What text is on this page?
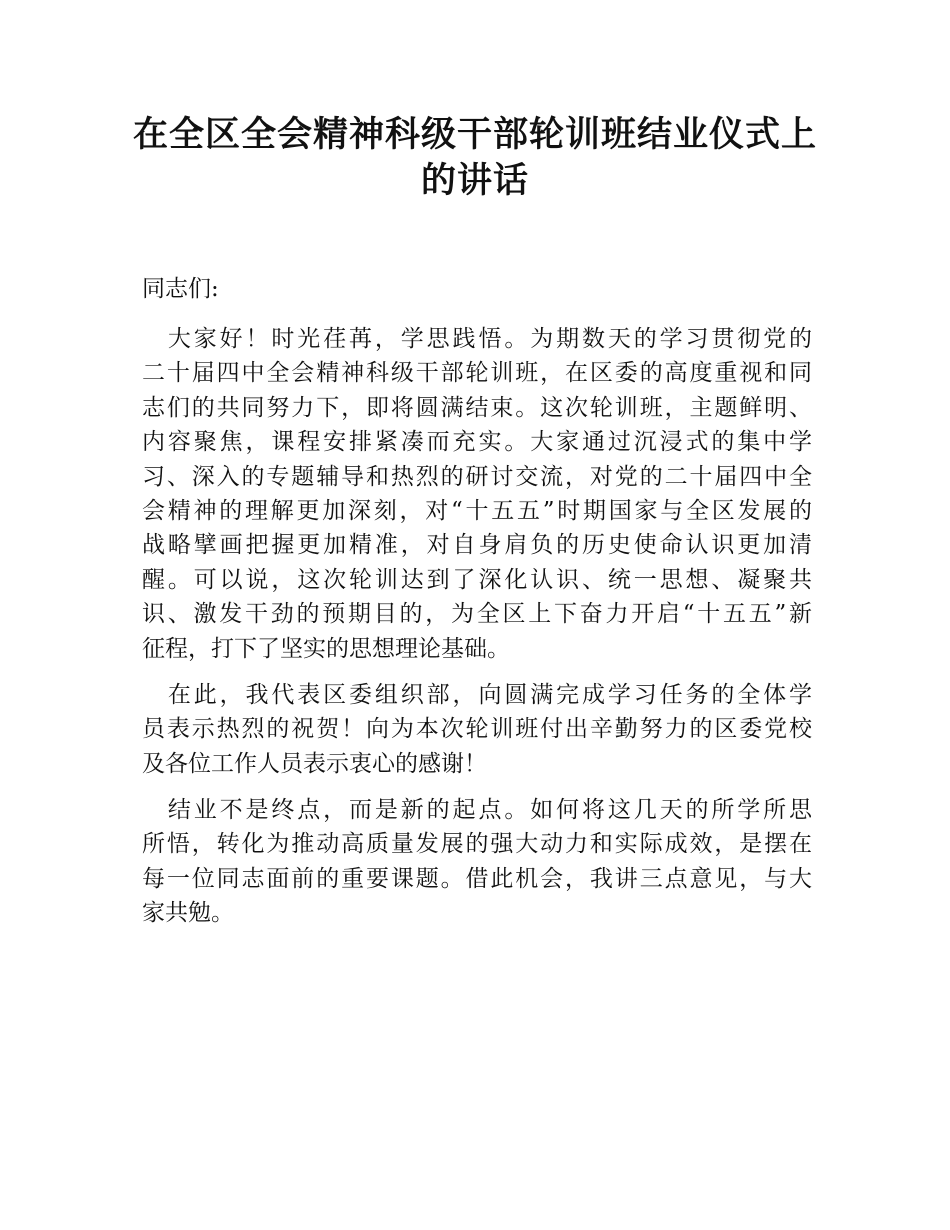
在全区全会精神科级干部轮训班结业仪式上
的讲话
同志们:
　大家好！时光荏苒，学思践悟。为期数天的学习贯彻党的
二十届四中全会精神科级干部轮训班，在区委的高度重视和同
志们的共同努力下，即将圆满结束。这次轮训班，主题鲜明、
内容聚焦，课程安排紧凑而充实。大家通过沉浸式的集中学
习、深入的专题辅导和热烈的研讨交流，对党的二十届四中全
会精神的理解更加深刻，对“十五五”时期国家与全区发展的
战略擘画把握更加精准，对自身肩负的历史使命认识更加清
醒。可以说，这次轮训达到了深化认识、统一思想、凝聚共
识、激发干劲的预期目的，为全区上下奋力开启“十五五”新
征程，打下了坚实的思想理论基础。
　在此，我代表区委组织部，向圆满完成学习任务的全体学
员表示热烈的祝贺！向为本次轮训班付出辛勤努力的区委党校
及各位工作人员表示衷心的感谢！
　结业不是终点，而是新的起点。如何将这几天的所学所思
所悟，转化为推动高质量发展的强大动力和实际成效，是摆在
每一位同志面前的重要课题。借此机会，我讲三点意见，与大
家共勉。
